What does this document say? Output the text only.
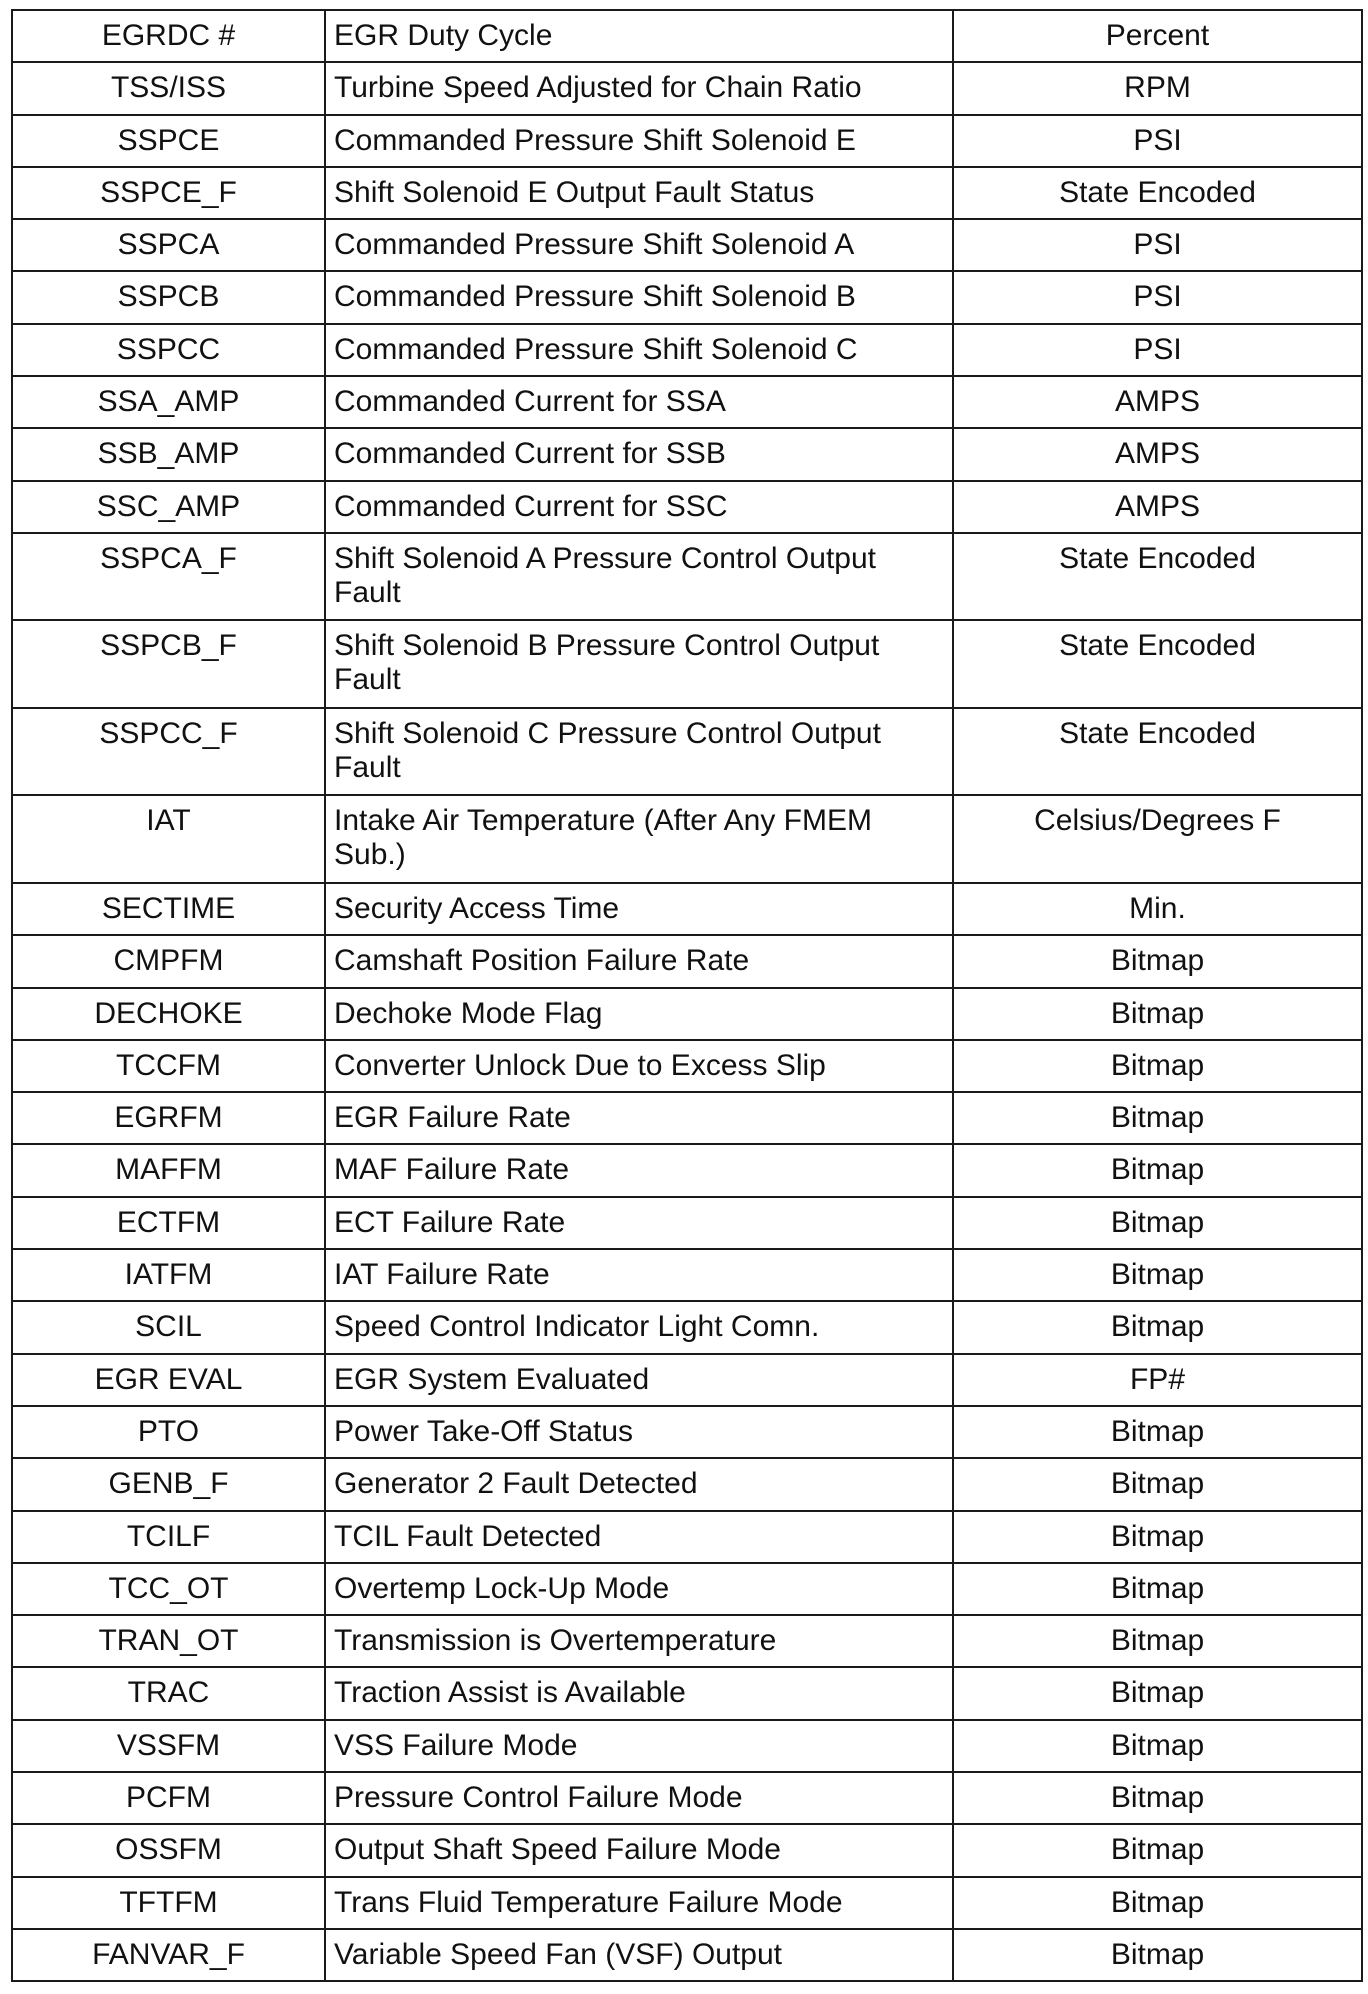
EGRDC #	EGR Duty Cycle	Percent
TSS/ISS	Turbine Speed Adjusted for Chain Ratio	RPM
SSPCE	Commanded Pressure Shift Solenoid E	PSI
SSPCE_F	Shift Solenoid E Output Fault Status	State Encoded
SSPCA	Commanded Pressure Shift Solenoid A	PSI
SSPCB	Commanded Pressure Shift Solenoid B	PSI
SSPCC	Commanded Pressure Shift Solenoid C	PSI
SSA_AMP	Commanded Current for SSA	AMPS
SSB_AMP	Commanded Current for SSB	AMPS
SSC_AMP	Commanded Current for SSC	AMPS
SSPCA_F	Shift Solenoid A Pressure Control Output Fault	State Encoded
SSPCB_F	Shift Solenoid B Pressure Control Output Fault	State Encoded
SSPCC_F	Shift Solenoid C Pressure Control Output Fault	State Encoded
IAT	Intake Air Temperature (After Any FMEM Sub.)	Celsius/Degrees F
SECTIME	Security Access Time	Min.
CMPFM	Camshaft Position Failure Rate	Bitmap
DECHOKE	Dechoke Mode Flag	Bitmap
TCCFM	Converter Unlock Due to Excess Slip	Bitmap
EGRFM	EGR Failure Rate	Bitmap
MAFFM	MAF Failure Rate	Bitmap
ECTFM	ECT Failure Rate	Bitmap
IATFM	IAT Failure Rate	Bitmap
SCIL	Speed Control Indicator Light Comn.	Bitmap
EGR EVAL	EGR System Evaluated	FP#
PTO	Power Take-Off Status	Bitmap
GENB_F	Generator 2 Fault Detected	Bitmap
TCILF	TCIL Fault Detected	Bitmap
TCC_OT	Overtemp Lock-Up Mode	Bitmap
TRAN_OT	Transmission is Overtemperature	Bitmap
TRAC	Traction Assist is Available	Bitmap
VSSFM	VSS Failure Mode	Bitmap
PCFM	Pressure Control Failure Mode	Bitmap
OSSFM	Output Shaft Speed Failure Mode	Bitmap
TFTFM	Trans Fluid Temperature Failure Mode	Bitmap
FANVAR_F	Variable Speed Fan (VSF) Output	Bitmap
